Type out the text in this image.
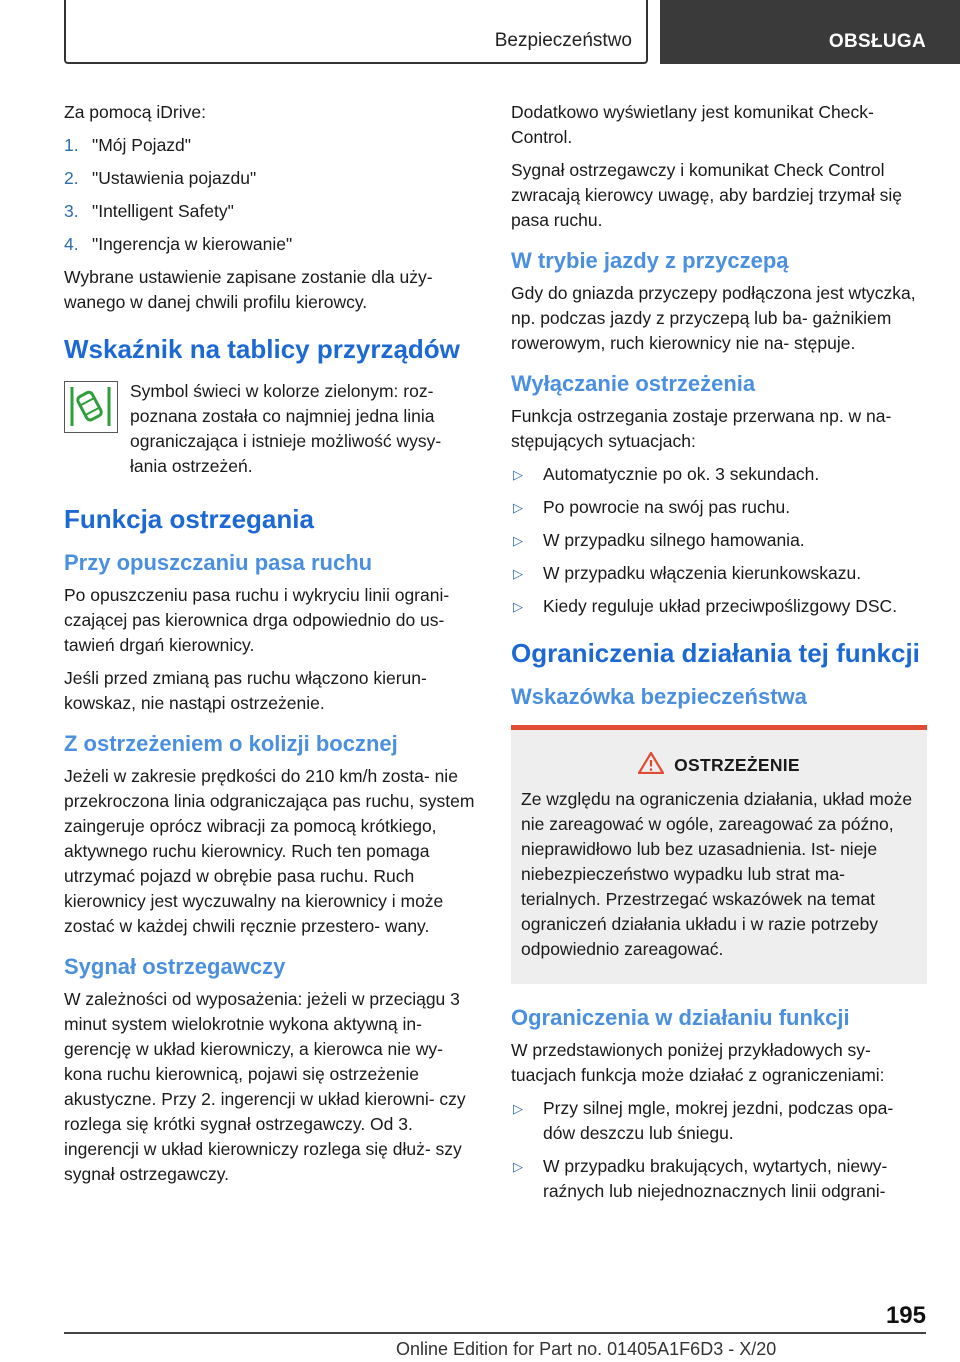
Bezpieczeństwo	OBSŁUGA

Za pomocą iDrive:

1. "Mój Pojazd"
2. "Ustawienia pojazdu"
3. "Intelligent Safety"
4. "Ingerencja w kierowanie"

Wybrane ustawienie zapisane zostanie dla uży‐ wanego w danej chwili profilu kierowcy.

Wskaźnik na tablicy przyrządów

Symbol świeci w kolorze zielonym: roz‐ poznana została co najmniej jedna linia ograniczająca i istnieje możliwość wysy‐ łania ostrzeżeń.

Funkcja ostrzegania
Przy opuszczaniu pasa ruchu

Po opuszczeniu pasa ruchu i wykryciu linii ograni‐ czającej pas kierownica drga odpowiednio do us‐ tawień drgań kierownicy.

Jeśli przed zmianą pas ruchu włączono kierun‐ kowskaz, nie nastąpi ostrzeżenie.

Z ostrzeżeniem o kolizji bocznej

Jeżeli w zakresie prędkości do 210 km/h zosta‐ nie przekroczona linia odgraniczająca pas ruchu, system zaingeruje oprócz wibracji za pomocą krótkiego, aktywnego ruchu kierownicy. Ruch ten pomaga utrzymać pojazd w obrębie pasa ruchu. Ruch kierownicy jest wyczuwalny na kierownicy i może zostać w każdej chwili ręcznie przestero‐ wany.

Sygnał ostrzegawczy

W zależności od wyposażenia: jeżeli w przeciągu 3 minut system wielokrotnie wykona aktywną in‐ gerencję w układ kierowniczy, a kierowca nie wy‐ kona ruchu kierownicą, pojawi się ostrzeżenie akustyczne. Przy 2. ingerencji w układ kierowni‐ czy rozlega się krótki sygnał ostrzegawczy. Od 3. ingerencji w układ kierowniczy rozlega się dłuż‐ szy sygnał ostrzegawczy.

Dodatkowo wyświetlany jest komunikat Check- Control.

Sygnał ostrzegawczy i komunikat Check Control zwracają kierowcy uwagę, aby bardziej trzymał się pasa ruchu.

W trybie jazdy z przyczepą

Gdy do gniazda przyczepy podłączona jest wtyczka, np. podczas jazdy z przyczepą lub ba‐ gażnikiem rowerowym, ruch kierownicy nie na‐ stępuje.

Wyłączanie ostrzeżenia

Funkcja ostrzegania zostaje przerwana np. w na‐ stępujących sytuacjach:

▷	Automatycznie po ok. 3 sekundach.
▷	Po powrocie na swój pas ruchu.
▷	W przypadku silnego hamowania.
▷	W przypadku włączenia kierunkowskazu.
▷	Kiedy reguluje układ przeciwpoślizgowy DSC.
Ograniczenia działania tej funkcji
Wskazówka bezpieczeństwa
OSTRZEŻENIE

Ze względu na ograniczenia działania, układ może nie zareagować w ogóle, zareagować za późno, nieprawidłowo lub bez uzasadnienia. Ist‐ nieje niebezpieczeństwo wypadku lub strat ma‐ terialnych. Przestrzegać wskazówek na temat ograniczeń działania układu i w razie potrzeby odpowiednio zareagować.

Ograniczenia w działaniu funkcji

W przedstawionych poniżej przykładowych sy‐ tuacjach funkcja może działać z ograniczeniami:

▷	Przy silnej mgle, mokrej jezdni, podczas opa‐ dów deszczu lub śniegu.
▷	W przypadku brakujących, wytartych, niewy‐ raźnych lub niejednoznacznych linii odgrani‐
195
Online Edition for Part no. 01405A1F6D3 - X/20
